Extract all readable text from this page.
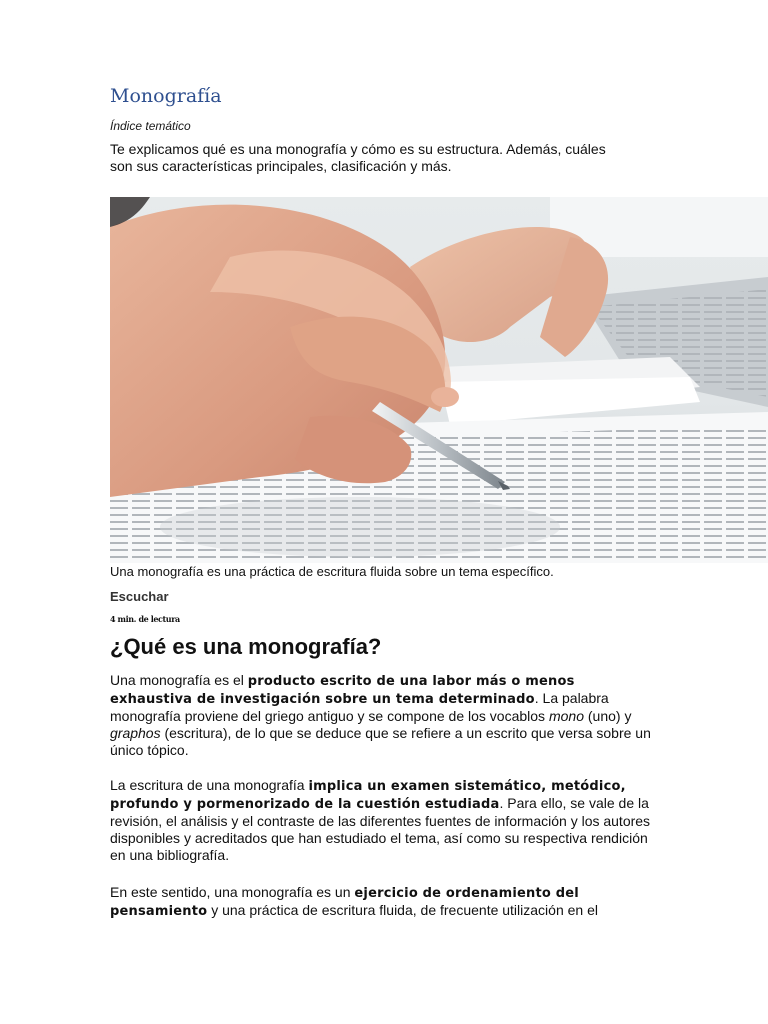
Monografía
Índice temático

Te explicamos qué es una monografía y cómo es su estructura. Además, cuáles son sus características principales, clasificación y más.

Una monografía es una práctica de escritura fluida sobre un tema específico.
Escuchar
4 min. de lectura
¿Qué es una monografía?

Una monografía es el producto escrito de una labor más o menos exhaustiva de investigación sobre un tema determinado. La palabra monografía proviene del griego antiguo y se compone de los vocablos mono (uno) y graphos (escritura), de lo que se deduce que se refiere a un escrito que versa sobre un único tópico.

La escritura de una monografía implica un examen sistemático, metódico, profundo y pormenorizado de la cuestión estudiada. Para ello, se vale de la revisión, el análisis y el contraste de las diferentes fuentes de información y los autores disponibles y acreditados que han estudiado el tema, así como su respectiva rendición en una bibliografía.

En este sentido, una monografía es un ejercicio de ordenamiento del pensamiento y una práctica de escritura fluida, de frecuente utilización en el
